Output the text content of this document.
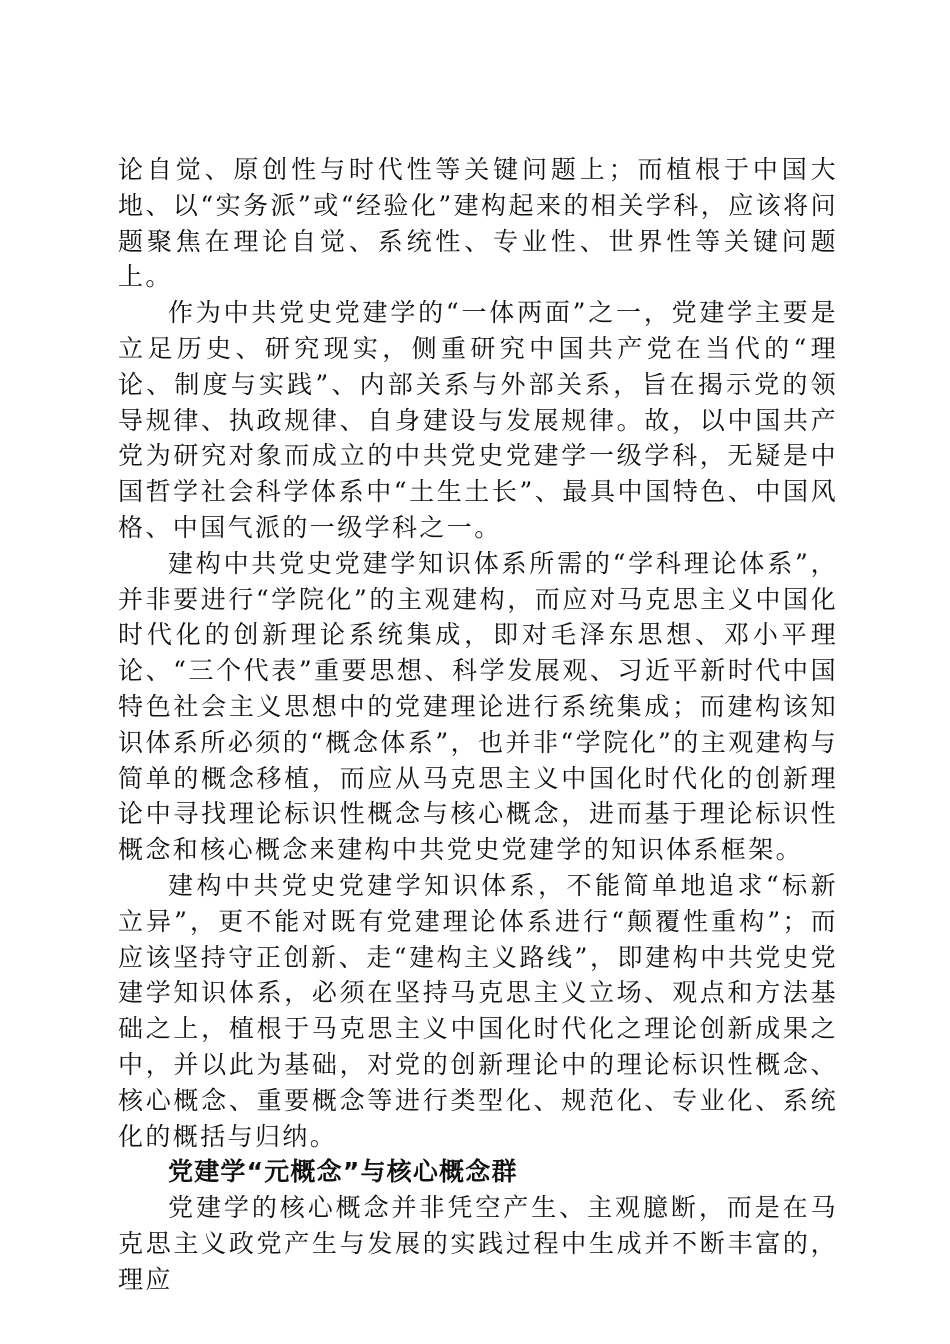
论自觉、原创性与时代性等关键问题上；而植根于中国大地、以“实务派”或“经验化”建构起来的相关学科，应该将问题聚焦在理论自觉、系统性、专业性、世界性等关键问题上。

作为中共党史党建学的“一体两面”之一，党建学主要是立足历史、研究现实，侧重研究中国共产党在当代的“理论、制度与实践”、内部关系与外部关系，旨在揭示党的领导规律、执政规律、自身建设与发展规律。故，以中国共产党为研究对象而成立的中共党史党建学一级学科，无疑是中国哲学社会科学体系中“土生土长”、最具中国特色、中国风格、中国气派的一级学科之一。

建构中共党史党建学知识体系所需的“学科理论体系”，并非要进行“学院化”的主观建构，而应对马克思主义中国化时代化的创新理论系统集成，即对毛泽东思想、邓小平理论、“三个代表”重要思想、科学发展观、习近平新时代中国特色社会主义思想中的党建理论进行系统集成；而建构该知识体系所必须的“概念体系”，也并非“学院化”的主观建构与简单的概念移植，而应从马克思主义中国化时代化的创新理论中寻找理论标识性概念与核心概念，进而基于理论标识性概念和核心概念来建构中共党史党建学的知识体系框架。

建构中共党史党建学知识体系，不能简单地追求“标新立异”，更不能对既有党建理论体系进行“颠覆性重构”；而应该坚持守正创新、走“建构主义路线”，即建构中共党史党建学知识体系，必须在坚持马克思主义立场、观点和方法基础之上，植根于马克思主义中国化时代化之理论创新成果之中，并以此为基础，对党的创新理论中的理论标识性概念、核心概念、重要概念等进行类型化、规范化、专业化、系统化的概括与归纳。

党建学“元概念”与核心概念群

党建学的核心概念并非凭空产生、主观臆断，而是在马克思主义政党产生与发展的实践过程中生成并不断丰富的，理应
